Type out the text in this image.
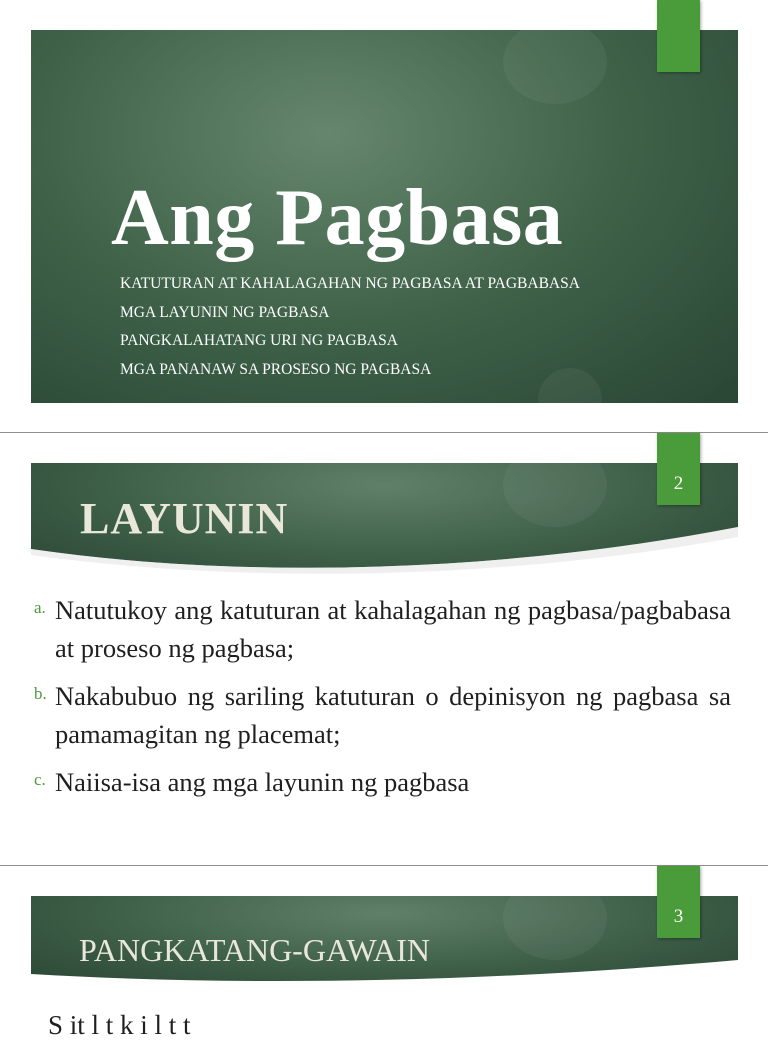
Ang Pagbasa
KATUTURAN AT KAHALAGAHAN NG PAGBASA AT PAGBABASA
MGA LAYUNIN NG PAGBASA
PANGKALAHATANG URI NG PAGBASA
MGA PANANAW SA PROSESO NG PAGBASA
LAYUNIN
2
a. Natutukoy ang katuturan at kahalagahan ng pagbasa/pagbabasa at proseso ng pagbasa;
b. Nakabubuo ng sariling katuturan o depinisyon ng pagbasa sa pamamagitan ng placemat;
c. Naiisa-isa ang mga layunin ng pagbasa
PANGKATANG-GAWAIN
3
S it l t k i l t t
